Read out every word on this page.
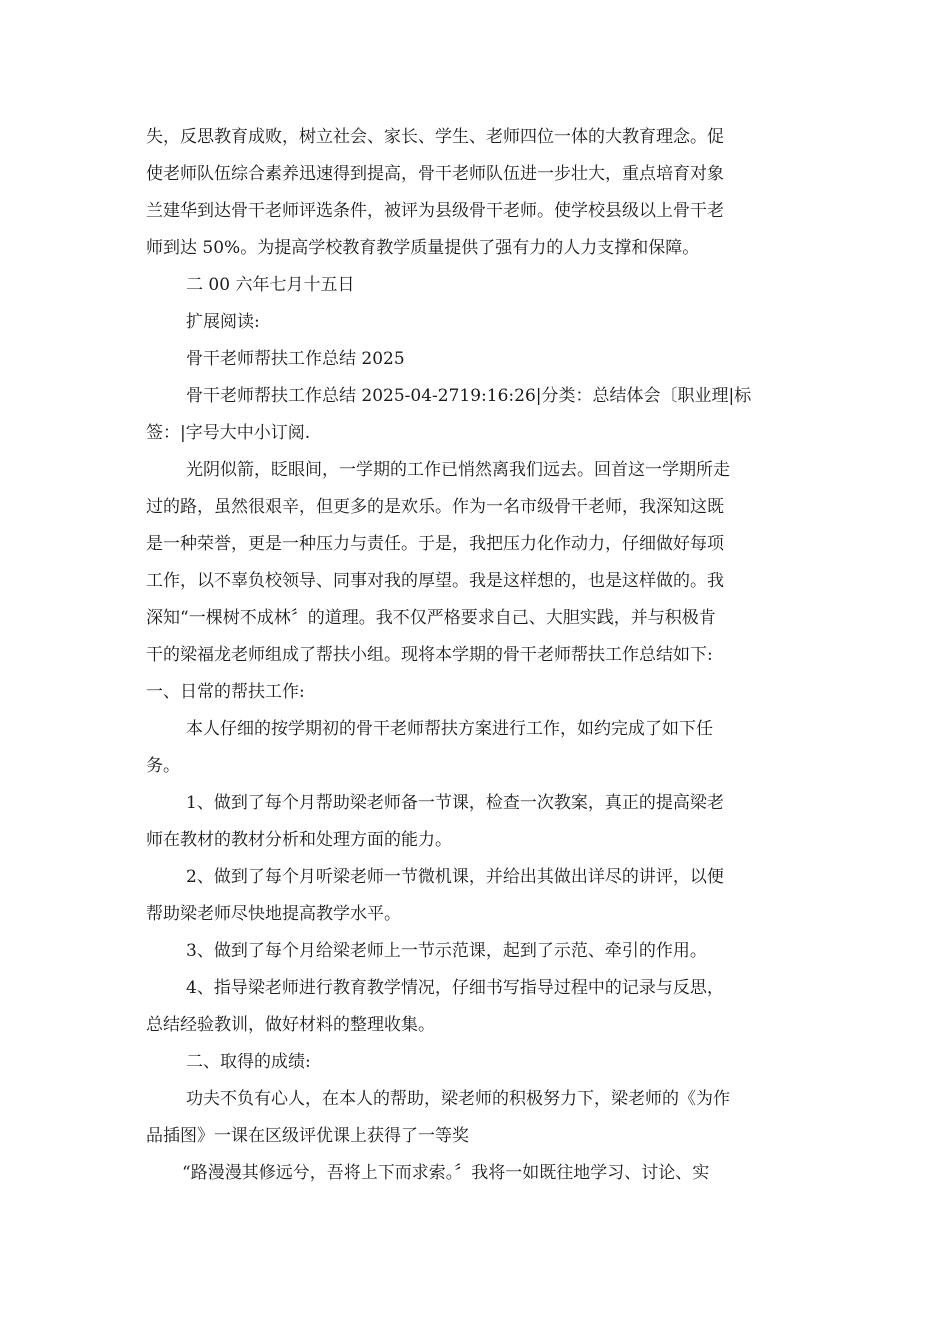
失，反思教育成败，树立社会、家长、学生、老师四位一体的大教育理念。促
使老师队伍综合素养迅速得到提高，骨干老师队伍进一步壮大，重点培育对象
兰建华到达骨干老师评选条件，被评为县级骨干老师。使学校县级以上骨干老
师到达 50%。为提高学校教育教学质量提供了强有力的人力支撑和保障。
二 00 六年七月十五日
扩展阅读:
骨干老师帮扶工作总结 2025
骨干老师帮扶工作总结 2025-04-2719:16:26|分类：总结体会〔职业理|标
签：|字号大中小订阅.
光阴似箭，眨眼间，一学期的工作已悄然离我们远去。回首这一学期所走
过的路，虽然很艰辛，但更多的是欢乐。作为一名市级骨干老师，我深知这既
是一种荣誉，更是一种压力与责任。于是，我把压力化作动力，仔细做好每项
工作，以不辜负校领导、同事对我的厚望。我是这样想的，也是这样做的。我
深知“一棵树不成林〞的道理。我不仅严格要求自己、大胆实践，并与积极肯
干的梁福龙老师组成了帮扶小组。现将本学期的骨干老师帮扶工作总结如下:
一、日常的帮扶工作:
本人仔细的按学期初的骨干老师帮扶方案进行工作，如约完成了如下任
务。
1、做到了每个月帮助梁老师备一节课，检查一次教案，真正的提高梁老
师在教材的教材分析和处理方面的能力。
2、做到了每个月听梁老师一节微机课，并给出其做出详尽的讲评，以便
帮助梁老师尽快地提高教学水平。
3、做到了每个月给梁老师上一节示范课，起到了示范、牵引的作用。
4、指导梁老师进行教育教学情况，仔细书写指导过程中的记录与反思，
总结经验教训，做好材料的整理收集。
二、取得的成绩:
功夫不负有心人，在本人的帮助，梁老师的积极努力下，梁老师的《为作
品插图》一课在区级评优课上获得了一等奖
“路漫漫其修远兮，吾将上下而求索。〞我将一如既往地学习、讨论、实
